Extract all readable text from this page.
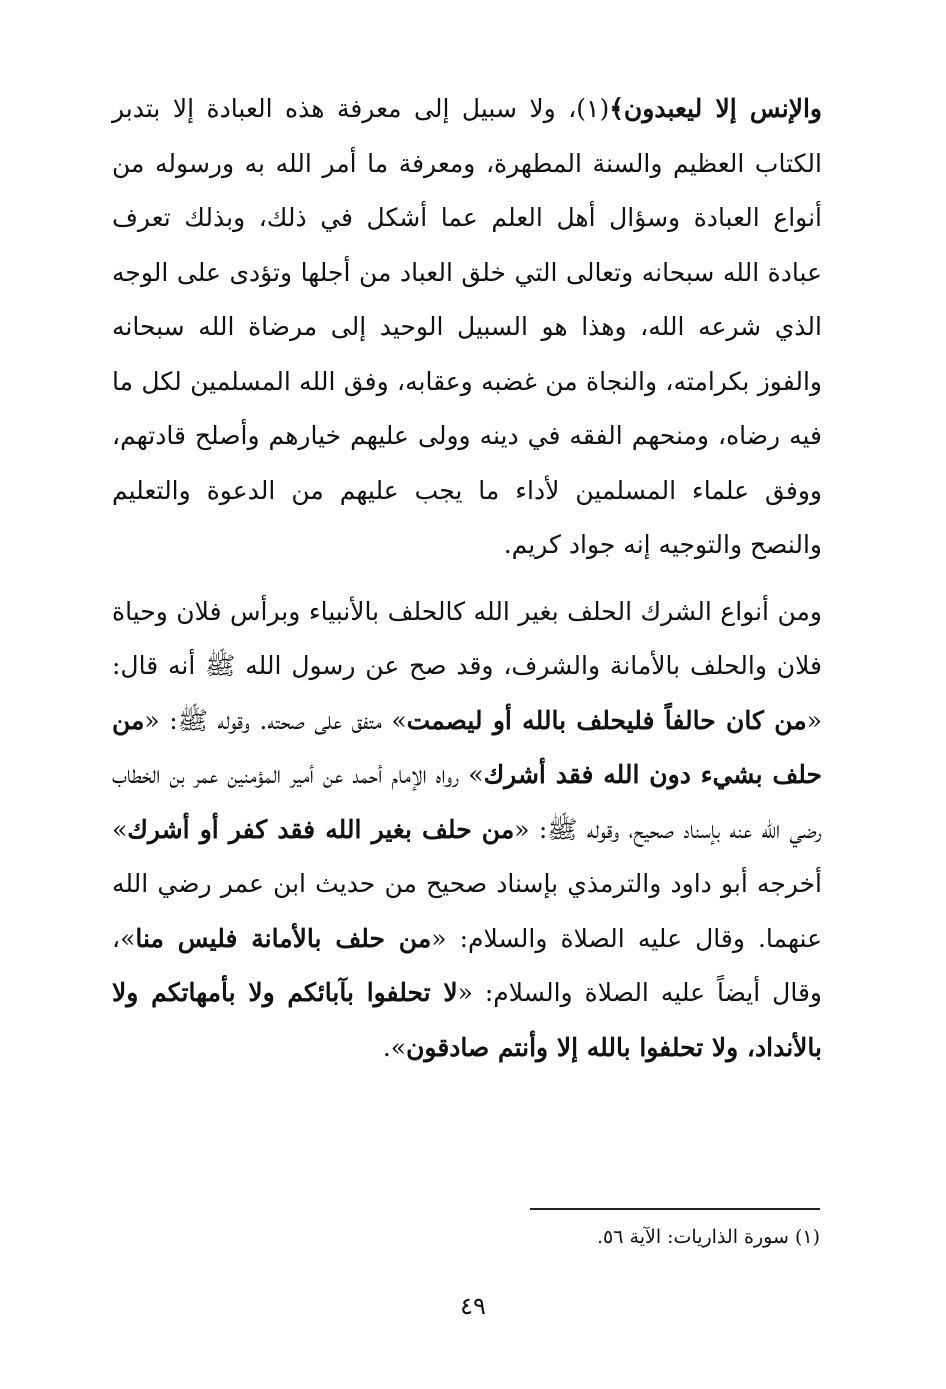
والإنس إلا ليعبدون﴾(١)، ولا سبيل إلى معرفة هذه العبادة إلا بتدبر الكتاب العظيم والسنة المطهرة، ومعرفة ما أمر الله به ورسوله من أنواع العبادة وسؤال أهل العلم عما أشكل في ذلك، وبذلك تعرف عبادة الله سبحانه وتعالى التي خلق العباد من أجلها وتؤدى على الوجه الذي شرعه الله، وهذا هو السبيل الوحيد إلى مرضاة الله سبحانه والفوز بكرامته، والنجاة من غضبه وعقابه، وفق الله المسلمين لكل ما فيه رضاه، ومنحهم الفقه في دينه وولى عليهم خيارهم وأصلح قادتهم، ووفق علماء المسلمين لأداء ما يجب عليهم من الدعوة والتعليم والنصح والتوجيه إنه جواد كريم.

ومن أنواع الشرك الحلف بغير الله كالحلف بالأنبياء وبرأس فلان وحياة فلان والحلف بالأمانة والشرف، وقد صح عن رسول الله ﷺ أنه قال: «من كان حالفاً فليحلف بالله أو ليصمت» متفق على صحته. وقوله ﷺ: «من حلف بشيء دون الله فقد أشرك» رواه الإمام أحمد عن أمير المؤمنين عمر بن الخطاب رضي الله عنه بإسناد صحيح، وقوله ﷺ: «من حلف بغير الله فقد كفر أو أشرك» أخرجه أبو داود والترمذي بإسناد صحيح من حديث ابن عمر رضي الله عنهما. وقال عليه الصلاة والسلام: «من حلف بالأمانة فليس منا»، وقال أيضاً عليه الصلاة والسلام: «لا تحلفوا بآبائكم ولا بأمهاتكم ولا بالأنداد، ولا تحلفوا بالله إلا وأنتم صادقون».

(١) سورة الذاريات: الآية ٥٦.
٤٩
